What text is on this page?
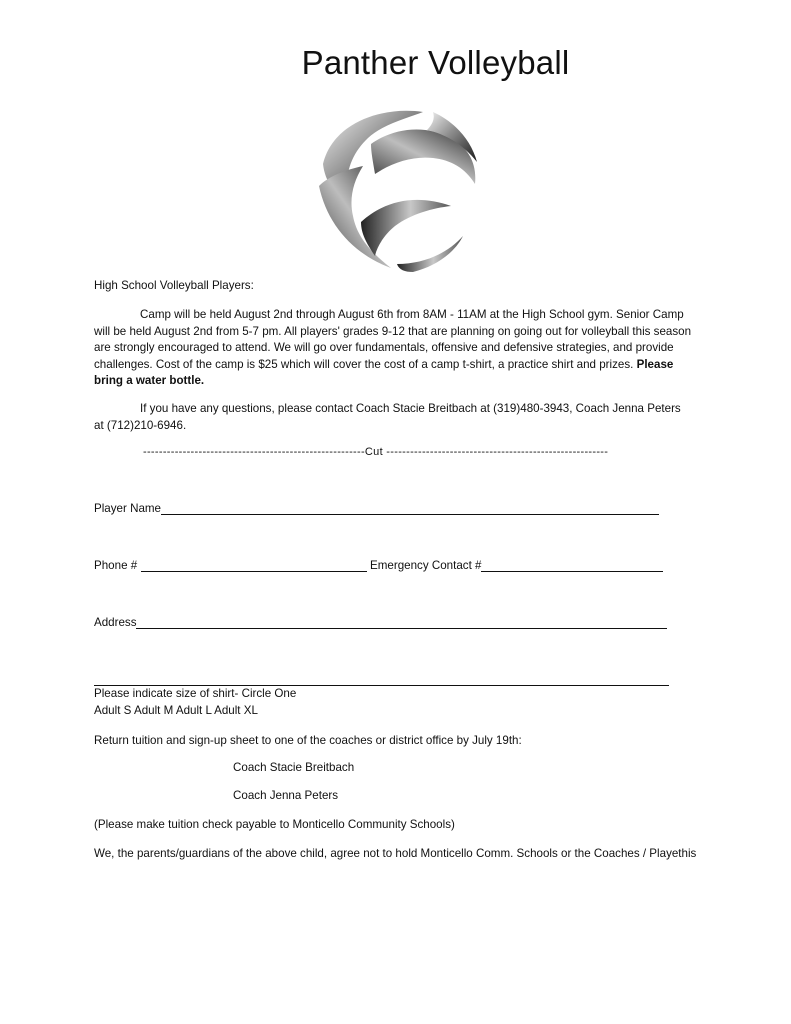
Panther Volleyball
High School Volleyball Players:
Camp will be held August 2nd through August 6th from 8AM - 11AM at the High School gym. Senior Camp will be held August 2nd from 5-7 pm. All players' grades 9-12 that are planning on going out for volleyball this season are strongly encouraged to attend. We will go over fundamentals, offensive and defensive strategies, and provide challenges. Cost of the camp is $25 which will cover the cost of a camp t-shirt, a practice shirt and prizes. Please bring a water bottle.
If you have any questions, please contact Coach Stacie Breitbach at (319)480-3943, Coach Jenna Peters at (712)210-6946.
--------------------------------------------------------Cut --------------------------------------------------------
Player Name
Phone #	Emergency Contact #
Address
Please indicate size of shirt- Circle One
Adult S Adult M Adult L Adult XL
Return tuition and sign-up sheet to one of the coaches or district office by July 19th:
Coach Stacie Breitbach
Coach Jenna Peters
(Please make tuition check payable to Monticello Community Schools)
We, the parents/guardians of the above child, agree not to hold Monticello Comm. Schools or the Coaches / Playethis
